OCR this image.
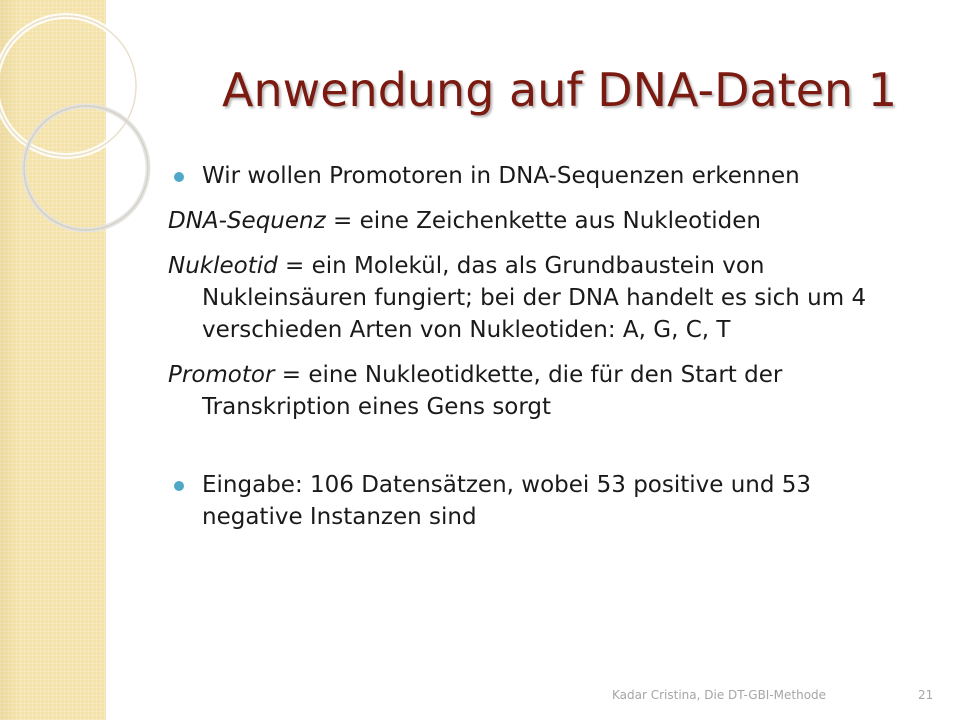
Anwendung auf DNA-Daten 1

Wir wollen Promotoren in DNA-Sequenzen erkennen

DNA-Sequenz = eine Zeichenkette aus Nukleotiden

Nukleotid = ein Molekül, das als Grundbaustein von Nukleinsäuren fungiert; bei der DNA handelt es sich um 4 verschieden Arten von Nukleotiden: A, G, C, T

Promotor = eine Nukleotidkette, die für den Start der Transkription eines Gens sorgt

Eingabe: 106 Datensätzen, wobei 53 positive und 53 negative Instanzen sind

Kadar Cristina, Die DT-GBI-Methode	21
